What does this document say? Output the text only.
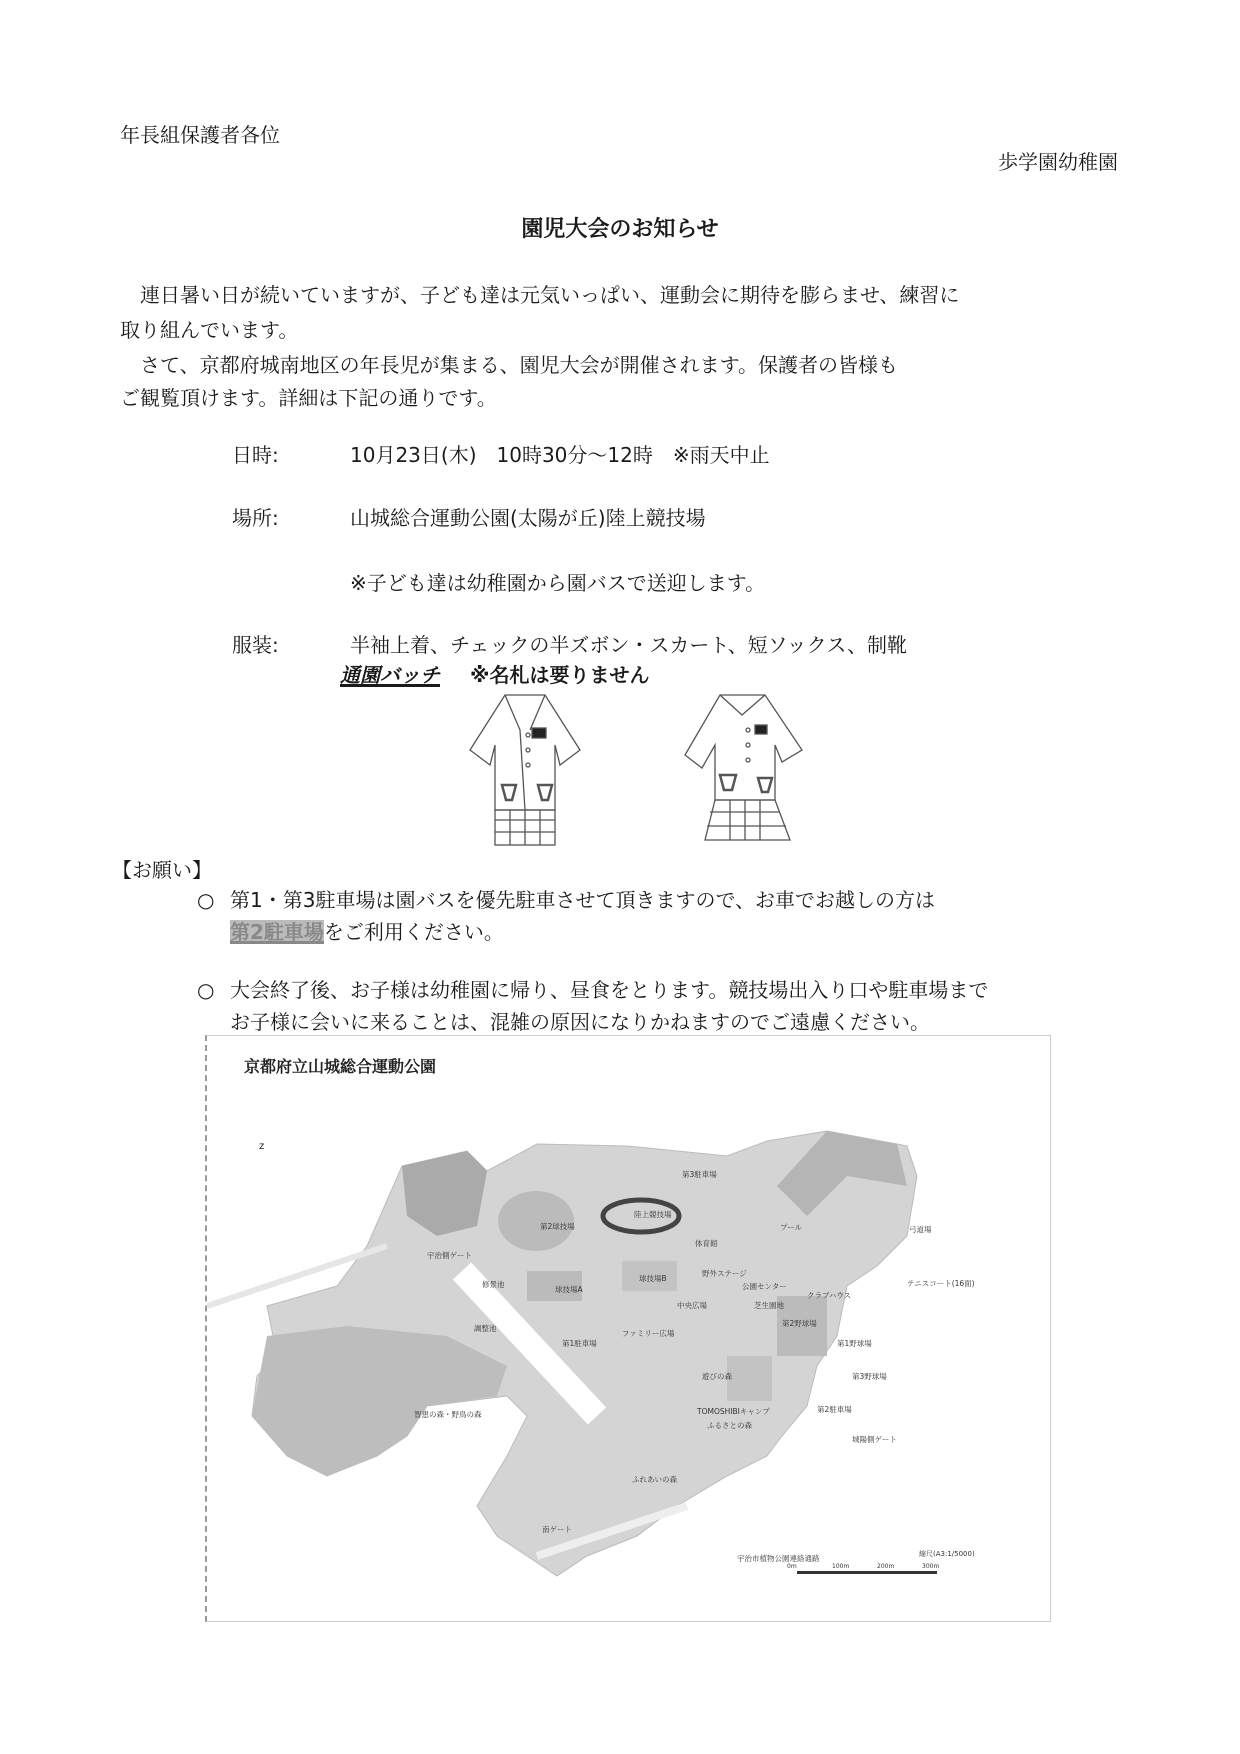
年長組保護者各位
歩学園幼稚園
園児大会のお知らせ
連日暑い日が続いていますが、子ども達は元気いっぱい、運動会に期待を膨らませ、練習に
取り組んでいます。
さて、京都府城南地区の年長児が集まる、園児大会が開催されます。保護者の皆様も
ご観覧頂けます。詳細は下記の通りです。
日時:	10月23日(木)　10時30分～12時　※雨天中止
場所:	山城総合運動公園(太陽が丘)陸上競技場
※子ども達は幼稚園から園バスで送迎します。
服装:	半袖上着、チェックの半ズボン・スカート、短ソックス、制靴
通園バッチ ※名札は要りません
【お願い】
○ 第1・第3駐車場は園バスを優先駐車させて頂きますので、お車でお越しの方は
第2駐車場をご利用ください。
○ 大会終了後、お子様は幼稚園に帰り、昼食をとります。競技場出入り口や駐車場まで
お子様に会いに来ることは、混雑の原因になりかねますのでご遠慮ください。
京都府立山城総合運動公園
z
第3駐車場
陸上競技場
第2球技場
体育館
プール	弓道場
宇治側ゲート
野外ステージ
球技場B
公園センター
クラブハウス
テニスコート(16面)
修景池
球技場A
中央広場	芝生園地
第2野球場
ファミリー広場
第1野球場
調整池
第1駐車場
遊びの森	第3野球場
智恵の森・野鳥の森	TOMOSHIBIキャンプ
ふるさとの森
第2駐車場
城陽側ゲート
ふれあいの森
南ゲート
宇治市植物公園連絡通路	縮尺(A3:1/5000)
0m	100m	200m	300m
